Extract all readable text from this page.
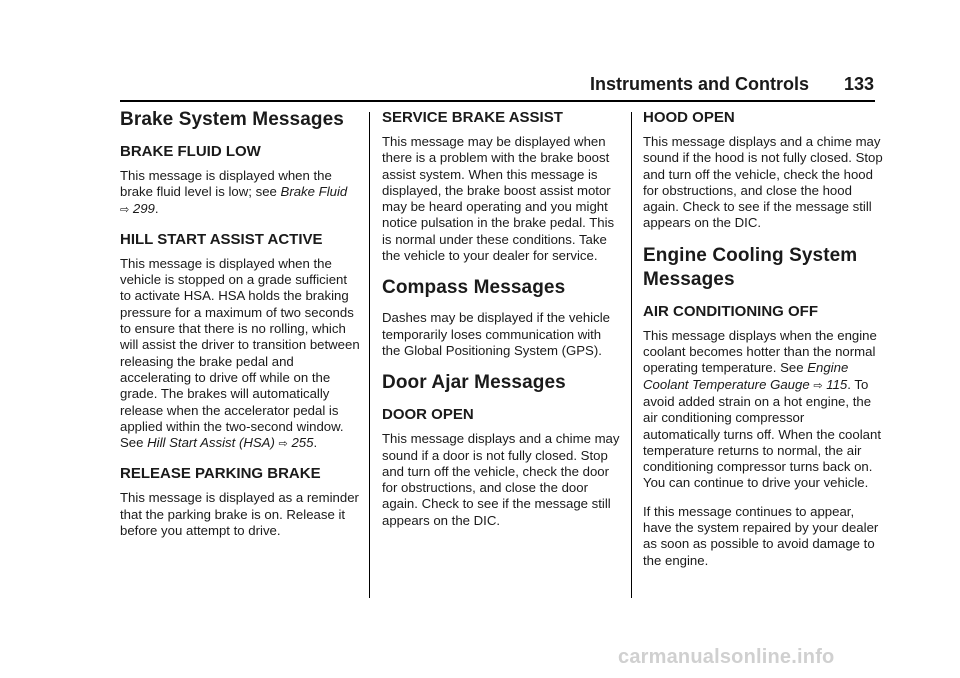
Instruments and Controls 133
Brake System Messages
BRAKE FLUID LOW

This message is displayed when the brake fluid level is low; see Brake Fluid ⇨ 299.

HILL START ASSIST ACTIVE

This message is displayed when the vehicle is stopped on a grade sufficient to activate HSA. HSA holds the braking pressure for a maximum of two seconds to ensure that there is no rolling, which will assist the driver to transition between releasing the brake pedal and accelerating to drive off while on the grade. The brakes will automatically release when the accelerator pedal is applied within the two-second window. See Hill Start Assist (HSA) ⇨ 255.

RELEASE PARKING BRAKE

This message is displayed as a reminder that the parking brake is on. Release it before you attempt to drive.

SERVICE BRAKE ASSIST

This message may be displayed when there is a problem with the brake boost assist system. When this message is displayed, the brake boost assist motor may be heard operating and you might notice pulsation in the brake pedal. This is normal under these conditions. Take the vehicle to your dealer for service.

Compass Messages

Dashes may be displayed if the vehicle temporarily loses communication with the Global Positioning System (GPS).

Door Ajar Messages
DOOR OPEN

This message displays and a chime may sound if a door is not fully closed. Stop and turn off the vehicle, check the door for obstructions, and close the door again. Check to see if the message still appears on the DIC.

HOOD OPEN

This message displays and a chime may sound if the hood is not fully closed. Stop and turn off the vehicle, check the hood for obstructions, and close the hood again. Check to see if the message still appears on the DIC.

Engine Cooling System Messages
AIR CONDITIONING OFF

This message displays when the engine coolant becomes hotter than the normal operating temperature. See Engine Coolant Temperature Gauge ⇨ 115. To avoid added strain on a hot engine, the air conditioning compressor automatically turns off. When the coolant temperature returns to normal, the air conditioning compressor turns back on. You can continue to drive your vehicle.

If this message continues to appear, have the system repaired by your dealer as soon as possible to avoid damage to the engine.

carmanualsonline.info
